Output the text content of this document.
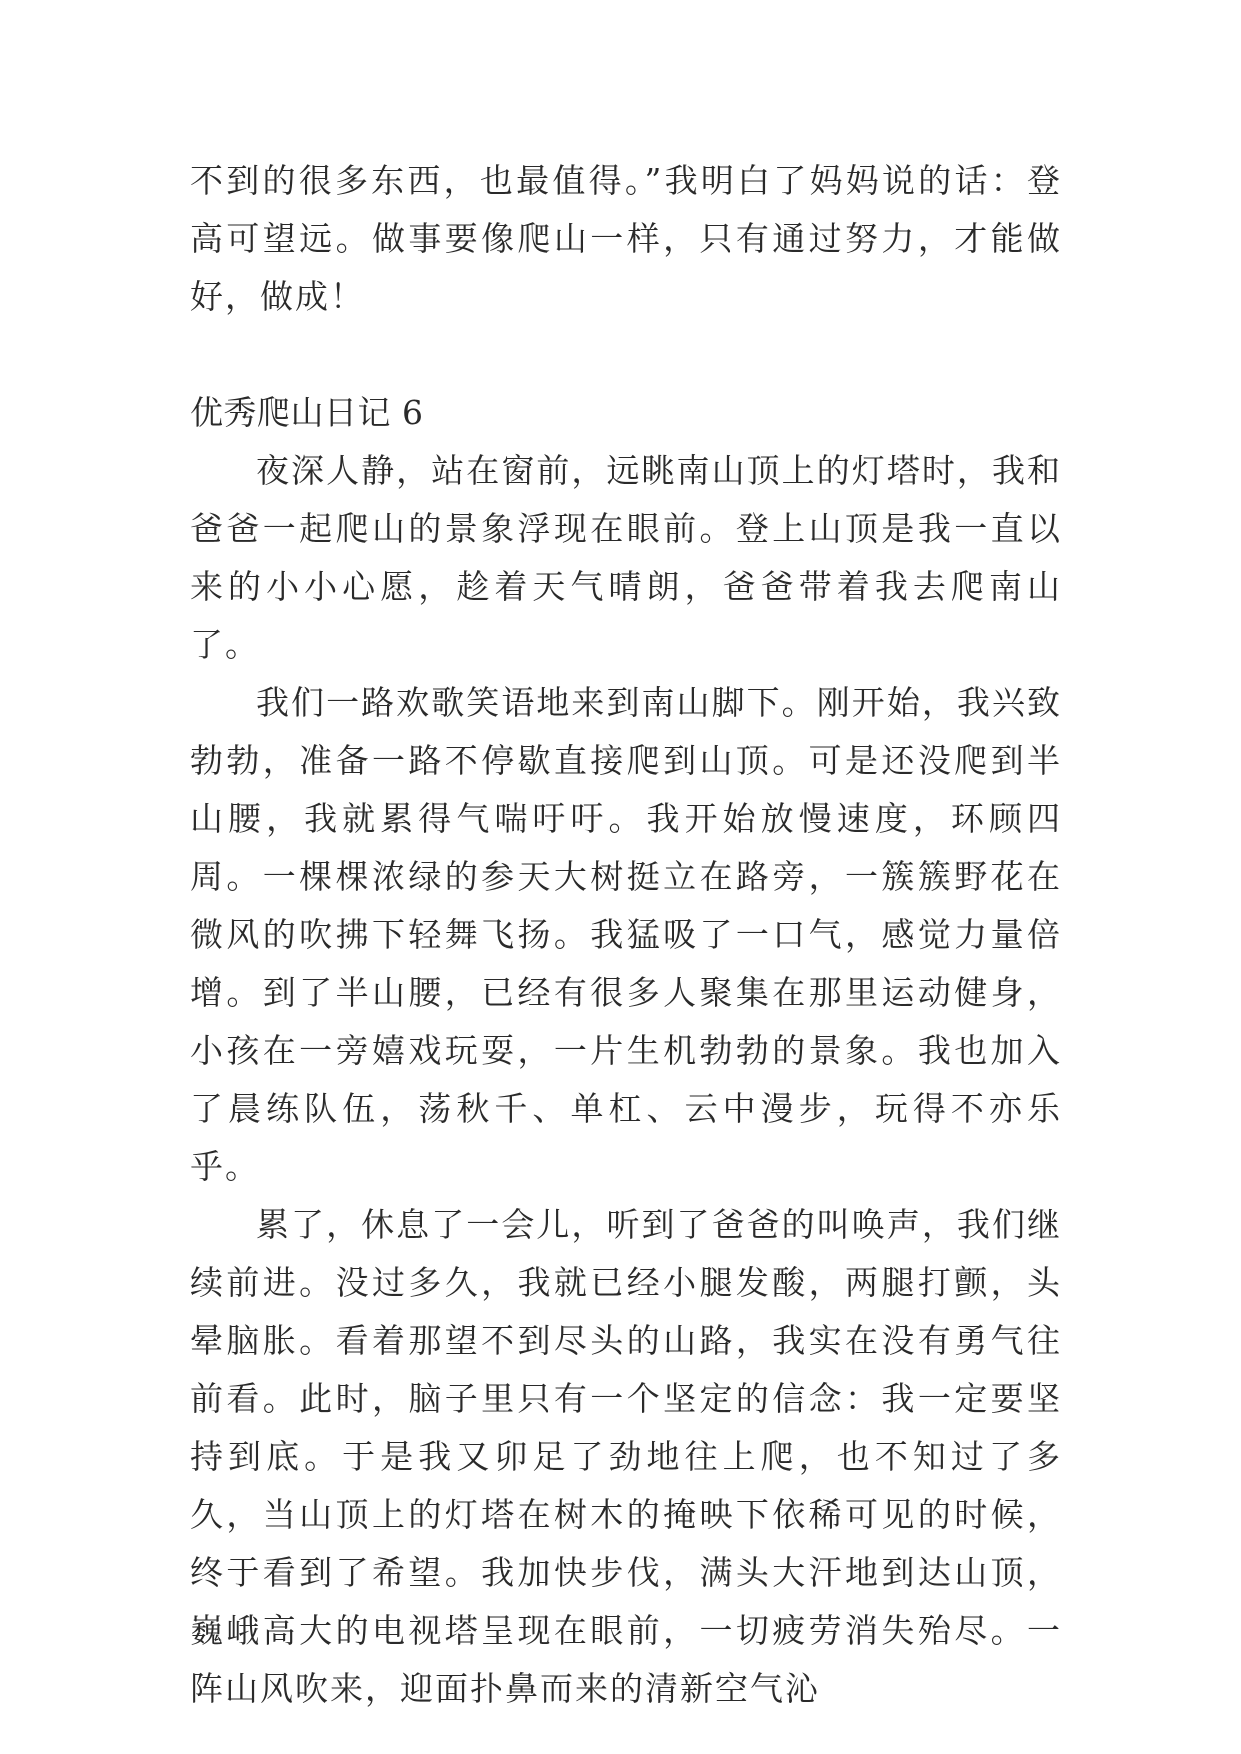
不到的很多东西，也最值得。”我明白了妈妈说的话：登高可望远。做事要像爬山一样，只有通过努力，才能做好，做成！

优秀爬山日记 6

夜深人静，站在窗前，远眺南山顶上的灯塔时，我和爸爸一起爬山的景象浮现在眼前。登上山顶是我一直以来的小小心愿，趁着天气晴朗，爸爸带着我去爬南山了。

我们一路欢歌笑语地来到南山脚下。刚开始，我兴致勃勃，准备一路不停歇直接爬到山顶。可是还没爬到半山腰，我就累得气喘吁吁。我开始放慢速度，环顾四周。一棵棵浓绿的参天大树挺立在路旁，一簇簇野花在微风的吹拂下轻舞飞扬。我猛吸了一口气，感觉力量倍增。到了半山腰，已经有很多人聚集在那里运动健身，小孩在一旁嬉戏玩耍，一片生机勃勃的景象。我也加入了晨练队伍，荡秋千、单杠、云中漫步，玩得不亦乐乎。

累了，休息了一会儿，听到了爸爸的叫唤声，我们继续前进。没过多久，我就已经小腿发酸，两腿打颤，头晕脑胀。看着那望不到尽头的山路，我实在没有勇气往前看。此时，脑子里只有一个坚定的信念：我一定要坚持到底。于是我又卯足了劲地往上爬，也不知过了多久，当山顶上的灯塔在树木的掩映下依稀可见的时候，终于看到了希望。我加快步伐，满头大汗地到达山顶，巍峨高大的电视塔呈现在眼前，一切疲劳消失殆尽。一阵山风吹来，迎面扑鼻而来的清新空气沁
